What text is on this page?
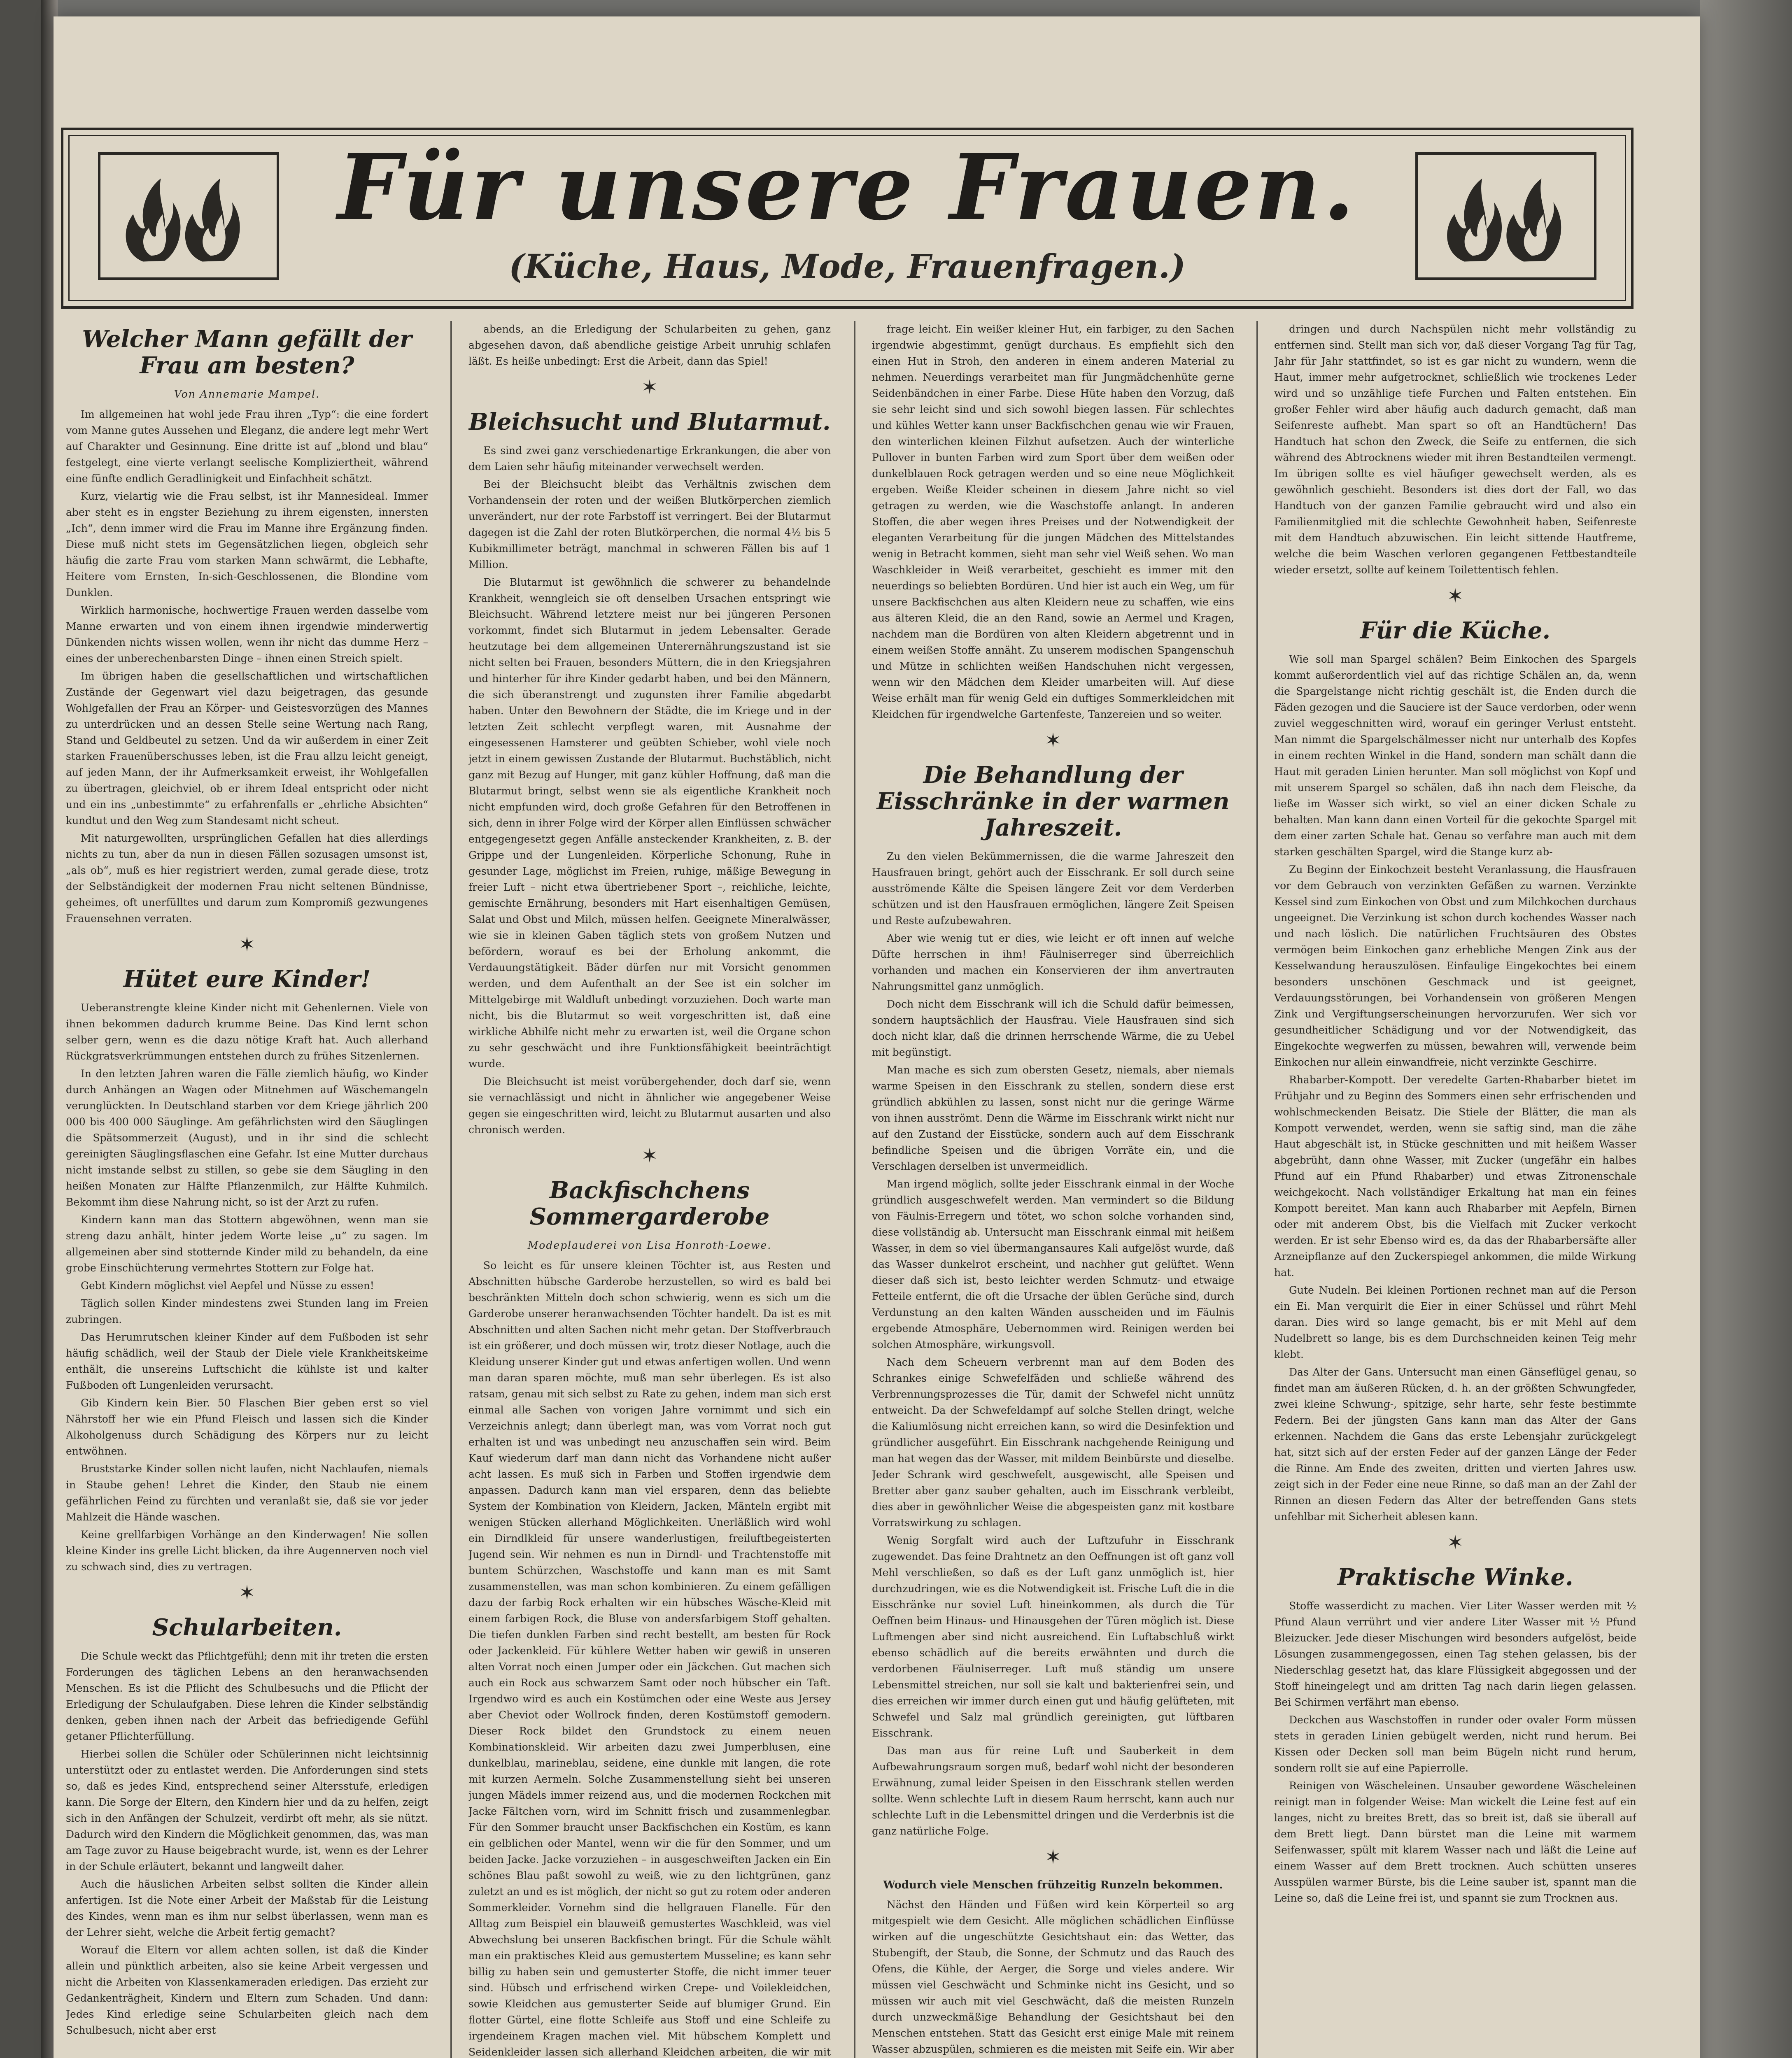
Für unsere Frauen.
(Küche, Haus, Mode, Frauenfragen.)
Welcher Mann gefällt der Frau am besten?
Von Annemarie Mampel.

Im allgemeinen hat wohl jede Frau ihren „Typ“: die eine fordert vom Manne gutes Aussehen und Eleganz, die andere legt mehr Wert auf Charakter und Gesinnung. Eine dritte ist auf „blond und blau“ festgelegt, eine vierte verlangt seelische Kompliziertheit, während eine fünfte endlich Geradlinigkeit und Einfachheit schätzt.

Kurz, vielartig wie die Frau selbst, ist ihr Mannesideal. Immer aber steht es in engster Beziehung zu ihrem eigensten, innersten „Ich“, denn immer wird die Frau im Manne ihre Ergänzung finden. Diese muß nicht stets im Gegensätzlichen liegen, obgleich sehr häufig die zarte Frau vom starken Mann schwärmt, die Lebhafte, Heitere vom Ernsten, In-sich-Geschlossenen, die Blondine vom Dunklen.

Wirklich harmonische, hochwertige Frauen werden dasselbe vom Manne erwarten und von einem ihnen irgendwie minderwertig Dünkenden nichts wissen wollen, wenn ihr nicht das dumme Herz – eines der unberechenbarsten Dinge – ihnen einen Streich spielt.

Im übrigen haben die gesellschaftlichen und wirtschaftlichen Zustände der Gegenwart viel dazu beigetragen, das gesunde Wohlgefallen der Frau an Körper- und Geistesvorzügen des Mannes zu unterdrücken und an dessen Stelle seine Wertung nach Rang, Stand und Geldbeutel zu setzen. Und da wir außerdem in einer Zeit starken Frauenüberschusses leben, ist die Frau allzu leicht geneigt, auf jeden Mann, der ihr Aufmerksamkeit erweist, ihr Wohlgefallen zu übertragen, gleichviel, ob er ihrem Ideal entspricht oder nicht und ein ins „unbestimmte“ zu erfahrenfalls er „ehrliche Absichten“ kundtut und den Weg zum Standesamt nicht scheut.

Mit naturgewollten, ursprünglichen Gefallen hat dies allerdings nichts zu tun, aber da nun in diesen Fällen sozusagen umsonst ist, „als ob“, muß es hier registriert werden, zumal gerade diese, trotz der Selbständigkeit der modernen Frau nicht seltenen Bündnisse, geheimes, oft unerfülltes und darum zum Kompromiß gezwungenes Frauensehnen verraten.

✶
Hütet eure Kinder!

Ueberanstrengte kleine Kinder nicht mit Gehenlernen. Viele von ihnen bekommen dadurch krumme Beine. Das Kind lernt schon selber gern, wenn es die dazu nötige Kraft hat. Auch allerhand Rückgratsverkrümmungen entstehen durch zu frühes Sitzenlernen.

In den letzten Jahren waren die Fälle ziemlich häufig, wo Kinder durch Anhängen an Wagen oder Mitnehmen auf Wäschemangeln verunglückten. In Deutschland starben vor dem Kriege jährlich 200 000 bis 400 000 Säuglinge. Am gefährlichsten wird den Säuglingen die Spätsommerzeit (August), und in ihr sind die schlecht gereinigten Säuglingsflaschen eine Gefahr. Ist eine Mutter durchaus nicht imstande selbst zu stillen, so gebe sie dem Säugling in den heißen Monaten zur Hälfte Pflanzenmilch, zur Hälfte Kuhmilch. Bekommt ihm diese Nahrung nicht, so ist der Arzt zu rufen.

Kindern kann man das Stottern abgewöhnen, wenn man sie streng dazu anhält, hinter jedem Worte leise „u“ zu sagen. Im allgemeinen aber sind stotternde Kinder mild zu behandeln, da eine grobe Einschüchterung vermehrtes Stottern zur Folge hat.

Gebt Kindern möglichst viel Aepfel und Nüsse zu essen!

Täglich sollen Kinder mindestens zwei Stunden lang im Freien zubringen.

Das Herumrutschen kleiner Kinder auf dem Fußboden ist sehr häufig schädlich, weil der Staub der Diele viele Krankheitskeime enthält, die unsereins Luftschicht die kühlste ist und kalter Fußboden oft Lungenleiden verursacht.

Gib Kindern kein Bier. 50 Flaschen Bier geben erst so viel Nährstoff her wie ein Pfund Fleisch und lassen sich die Kinder Alkoholgenuss durch Schädigung des Körpers nur zu leicht entwöhnen.

Bruststarke Kinder sollen nicht laufen, nicht Nachlaufen, niemals in Staube gehen! Lehret die Kinder, den Staub nie einem gefährlichen Feind zu fürchten und veranlaßt sie, daß sie vor jeder Mahlzeit die Hände waschen.

Keine grellfarbigen Vorhänge an den Kinderwagen! Nie sollen kleine Kinder ins grelle Licht blicken, da ihre Augennerven noch viel zu schwach sind, dies zu vertragen.

✶
Schularbeiten.

Die Schule weckt das Pflichtgefühl; denn mit ihr treten die ersten Forderungen des täglichen Lebens an den heranwachsenden Menschen. Es ist die Pflicht des Schulbesuchs und die Pflicht der Erledigung der Schulaufgaben. Diese lehren die Kinder selbständig denken, geben ihnen nach der Arbeit das befriedigende Gefühl getaner Pflichterfüllung.

Hierbei sollen die Schüler oder Schülerinnen nicht leichtsinnig unterstützt oder zu entlastet werden. Die Anforderungen sind stets so, daß es jedes Kind, entsprechend seiner Altersstufe, erledigen kann. Die Sorge der Eltern, den Kindern hier und da zu helfen, zeigt sich in den Anfängen der Schulzeit, verdirbt oft mehr, als sie nützt. Dadurch wird den Kindern die Möglichkeit genommen, das, was man am Tage zuvor zu Hause beigebracht wurde, ist, wenn es der Lehrer in der Schule erläutert, bekannt und langweilt daher.

Auch die häuslichen Arbeiten selbst sollten die Kinder allein anfertigen. Ist die Note einer Arbeit der Maßstab für die Leistung des Kindes, wenn man es ihm nur selbst überlassen, wenn man es der Lehrer sieht, welche die Arbeit fertig gemacht?

Worauf die Eltern vor allem achten sollen, ist daß die Kinder allein und pünktlich arbeiten, also sie keine Arbeit vergessen und nicht die Arbeiten von Klassenkameraden erledigen. Das erzieht zur Gedankenträgheit, Kindern und Eltern zum Schaden. Und dann: Jedes Kind erledige seine Schularbeiten gleich nach dem Schulbesuch, nicht aber erst

abends, an die Erledigung der Schularbeiten zu gehen, ganz abgesehen davon, daß abendliche geistige Arbeit unruhig schlafen läßt. Es heiße unbedingt: Erst die Arbeit, dann das Spiel!

✶
Bleichsucht und Blutarmut.

Es sind zwei ganz verschiedenartige Erkrankungen, die aber von dem Laien sehr häufig miteinander verwechselt werden.

Bei der Bleichsucht bleibt das Verhältnis zwischen dem Vorhandensein der roten und der weißen Blutkörperchen ziemlich unverändert, nur der rote Farbstoff ist verringert. Bei der Blutarmut dagegen ist die Zahl der roten Blutkörperchen, die normal 4½ bis 5 Kubikmillimeter beträgt, manchmal in schweren Fällen bis auf 1 Million.

Die Blutarmut ist gewöhnlich die schwerer zu behandelnde Krankheit, wenngleich sie oft denselben Ursachen entspringt wie Bleichsucht. Während letztere meist nur bei jüngeren Personen vorkommt, findet sich Blutarmut in jedem Lebensalter. Gerade heutzutage bei dem allgemeinen Unterernährungszustand ist sie nicht selten bei Frauen, besonders Müttern, die in den Kriegsjahren und hinterher für ihre Kinder gedarbt haben, und bei den Männern, die sich überanstrengt und zugunsten ihrer Familie abgedarbt haben. Unter den Bewohnern der Städte, die im Kriege und in der letzten Zeit schlecht verpflegt waren, mit Ausnahme der eingesessenen Hamsterer und geübten Schieber, wohl viele noch jetzt in einem gewissen Zustande der Blutarmut. Buchstäblich, nicht ganz mit Bezug auf Hunger, mit ganz kühler Hoffnung, daß man die Blutarmut bringt, selbst wenn sie als eigentliche Krankheit noch nicht empfunden wird, doch große Gefahren für den Betroffenen in sich, denn in ihrer Folge wird der Körper allen Einflüssen schwächer entgegengesetzt gegen Anfälle ansteckender Krankheiten, z. B. der Grippe und der Lungenleiden. Körperliche Schonung, Ruhe in gesunder Lage, möglichst im Freien, ruhige, mäßige Bewegung in freier Luft – nicht etwa übertriebener Sport –, reichliche, leichte, gemischte Ernährung, besonders mit Hart eisenhaltigen Gemüsen, Salat und Obst und Milch, müssen helfen. Geeignete Mineralwässer, wie sie in kleinen Gaben täglich stets von großem Nutzen und befördern, worauf es bei der Erholung ankommt, die Verdauungstätigkeit. Bäder dürfen nur mit Vorsicht genommen werden, und dem Aufenthalt an der See ist ein solcher im Mittelgebirge mit Waldluft unbedingt vorzuziehen. Doch warte man nicht, bis die Blutarmut so weit vorgeschritten ist, daß eine wirkliche Abhilfe nicht mehr zu erwarten ist, weil die Organe schon zu sehr geschwächt und ihre Funktionsfähigkeit beeinträchtigt wurde.

Die Bleichsucht ist meist vorübergehender, doch darf sie, wenn sie vernachlässigt und nicht in ähnlicher wie angegebener Weise gegen sie eingeschritten wird, leicht zu Blutarmut ausarten und also chronisch werden.

✶
Backfischchens Sommergarderobe
Modeplauderei von Lisa Honroth-Loewe.

So leicht es für unsere kleinen Töchter ist, aus Resten und Abschnitten hübsche Garderobe herzustellen, so wird es bald bei beschränkten Mitteln doch schon schwierig, wenn es sich um die Garderobe unserer heranwachsenden Töchter handelt. Da ist es mit Abschnitten und alten Sachen nicht mehr getan. Der Stoffverbrauch ist ein größerer, und doch müssen wir, trotz dieser Notlage, auch die Kleidung unserer Kinder gut und etwas anfertigen wollen. Und wenn man daran sparen möchte, muß man sehr überlegen. Es ist also ratsam, genau mit sich selbst zu Rate zu gehen, indem man sich erst einmal alle Sachen von vorigen Jahre vornimmt und sich ein Verzeichnis anlegt; dann überlegt man, was vom Vorrat noch gut erhalten ist und was unbedingt neu anzuschaffen sein wird. Beim Kauf wiederum darf man dann nicht das Vorhandene nicht außer acht lassen. Es muß sich in Farben und Stoffen irgendwie dem anpassen. Dadurch kann man viel ersparen, denn das beliebte System der Kombination von Kleidern, Jacken, Mänteln ergibt mit wenigen Stücken allerhand Möglichkeiten. Unerläßlich wird wohl ein Dirndlkleid für unsere wanderlustigen, freiluftbegeisterten Jugend sein. Wir nehmen es nun in Dirndl- und Trachtenstoffe mit buntem Schürzchen, Waschstoffe und kann man es mit Samt zusammenstellen, was man schon kombinieren. Zu einem gefälligen dazu der farbig Rock erhalten wir ein hübsches Wäsche-Kleid mit einem farbigen Rock, die Bluse von andersfarbigem Stoff gehalten. Die tiefen dunklen Farben sind recht bestellt, am besten für Rock oder Jackenkleid. Für kühlere Wetter haben wir gewiß in unseren alten Vorrat noch einen Jumper oder ein Jäckchen. Gut machen sich auch ein Rock aus schwarzem Samt oder noch hübscher ein Taft. Irgendwo wird es auch ein Kostümchen oder eine Weste aus Jersey aber Cheviot oder Wollrock finden, deren Kostümstoff gemodern. Dieser Rock bildet den Grundstock zu einem neuen Kombinationskleid. Wir arbeiten dazu zwei Jumperblusen, eine dunkelblau, marineblau, seidene, eine dunkle mit langen, die rote mit kurzen Aermeln. Solche Zusammenstellung sieht bei unseren jungen Mädels immer reizend aus, und die modernen Rockchen mit Jacke Fältchen vorn, wird im Schnitt frisch und zusammenlegbar. Für den Sommer braucht unser Backfischchen ein Kostüm, es kann ein gelblichen oder Mantel, wenn wir die für den Sommer, und um beiden Jacke. Jacke vorzuziehen – in ausgeschweiften Jacken ein Ein schönes Blau paßt sowohl zu weiß, wie zu den lichtgrünen, ganz zuletzt an und es ist möglich, der nicht so gut zu rotem oder anderen Sommerkleider. Vornehm sind die hellgrauen Flanelle. Für den Alltag zum Beispiel ein blauweiß gemustertes Waschkleid, was viel Abwechslung bei unseren Backfischen bringt. Für die Schule wählt man ein praktisches Kleid aus gemustertem Musseline; es kann sehr billig zu haben sein und gemusterter Stoffe, die nicht immer teuer sind. Hübsch und erfrischend wirken Crepe- und Voilekleidchen, sowie Kleidchen aus gemusterter Seide auf blumiger Grund. Ein flotter Gürtel, eine flotte Schleife aus Stoff und eine Schleife zu irgendeinem Kragen machen viel. Mit hübschem Komplett und Seidenkleider lassen sich allerhand Kleidchen arbeiten, die wir mit

frage leicht. Ein weißer kleiner Hut, ein farbiger, zu den Sachen irgendwie abgestimmt, genügt durchaus. Es empfiehlt sich den einen Hut in Stroh, den anderen in einem anderen Material zu nehmen. Neuerdings verarbeitet man für Jungmädchenhüte gerne Seidenbändchen in einer Farbe. Diese Hüte haben den Vorzug, daß sie sehr leicht sind und sich sowohl biegen lassen. Für schlechtes und kühles Wetter kann unser Backfischchen genau wie wir Frauen, den winterlichen kleinen Filzhut aufsetzen. Auch der winterliche Pullover in bunten Farben wird zum Sport über dem weißen oder dunkelblauen Rock getragen werden und so eine neue Möglichkeit ergeben. Weiße Kleider scheinen in diesem Jahre nicht so viel getragen zu werden, wie die Waschstoffe anlangt. In anderen Stoffen, die aber wegen ihres Preises und der Notwendigkeit der eleganten Verarbeitung für die jungen Mädchen des Mittelstandes wenig in Betracht kommen, sieht man sehr viel Weiß sehen. Wo man Waschkleider in Weiß verarbeitet, geschieht es immer mit den neuerdings so beliebten Bordüren. Und hier ist auch ein Weg, um für unsere Backfischchen aus alten Kleidern neue zu schaffen, wie eins aus älteren Kleid, die an den Rand, sowie an Aermel und Kragen, nachdem man die Bordüren von alten Kleidern abgetrennt und in einem weißen Stoffe annäht. Zu unserem modischen Spangenschuh und Mütze in schlichten weißen Handschuhen nicht vergessen, wenn wir den Mädchen dem Kleider umarbeiten will. Auf diese Weise erhält man für wenig Geld ein duftiges Sommerkleidchen mit Kleidchen für irgendwelche Gartenfeste, Tanzereien und so weiter.

✶
Die Behandlung der Eisschränke in der warmen Jahreszeit.

Zu den vielen Bekümmernissen, die die warme Jahreszeit den Hausfrauen bringt, gehört auch der Eisschrank. Er soll durch seine ausströmende Kälte die Speisen längere Zeit vor dem Verderben schützen und ist den Hausfrauen ermöglichen, längere Zeit Speisen und Reste aufzubewahren.

Aber wie wenig tut er dies, wie leicht er oft innen auf welche Düfte herrschen in ihm! Fäulniserreger sind überreichlich vorhanden und machen ein Konservieren der ihm anvertrauten Nahrungsmittel ganz unmöglich.

Doch nicht dem Eisschrank will ich die Schuld dafür beimessen, sondern hauptsächlich der Hausfrau. Viele Hausfrauen sind sich doch nicht klar, daß die drinnen herrschende Wärme, die zu Uebel mit begünstigt.

Man mache es sich zum obersten Gesetz, niemals, aber niemals warme Speisen in den Eisschrank zu stellen, sondern diese erst gründlich abkühlen zu lassen, sonst nicht nur die geringe Wärme von ihnen ausströmt. Denn die Wärme im Eisschrank wirkt nicht nur auf den Zustand der Eisstücke, sondern auch auf dem Eisschrank befindliche Speisen und die übrigen Vorräte ein, und die Verschlagen derselben ist unvermeidlich.

Man irgend möglich, sollte jeder Eisschrank einmal in der Woche gründlich ausgeschwefelt werden. Man vermindert so die Bildung von Fäulnis-Erregern und tötet, wo schon solche vorhanden sind, diese vollständig ab. Untersucht man Eisschrank einmal mit heißem Wasser, in dem so viel übermangansaures Kali aufgelöst wurde, daß das Wasser dunkelrot erscheint, und nachher gut gelüftet. Wenn dieser daß sich ist, besto leichter werden Schmutz- und etwaige Fetteile entfernt, die oft die Ursache der üblen Gerüche sind, durch Verdunstung an den kalten Wänden ausscheiden und im Fäulnis ergebende Atmosphäre, Uebernommen wird. Reinigen werden bei solchen Atmosphäre, wirkungsvoll.

Nach dem Scheuern verbrennt man auf dem Boden des Schrankes einige Schwefelfäden und schließe während des Verbrennungsprozesses die Tür, damit der Schwefel nicht unnütz entweicht. Da der Schwefeldampf auf solche Stellen dringt, welche die Kaliumlösung nicht erreichen kann, so wird die Desinfektion und gründlicher ausgeführt. Ein Eisschrank nachgehende Reinigung und man hat wegen das der Wasser, mit mildem Beinbürste und dieselbe. Jeder Schrank wird geschwefelt, ausgewischt, alle Speisen und Bretter aber ganz sauber gehalten, auch im Eisschrank verbleibt, dies aber in gewöhnlicher Weise die abgespeisten ganz mit kostbare Vorratswirkung zu schlagen.

Wenig Sorgfalt wird auch der Luftzufuhr in Eisschrank zugewendet. Das feine Drahtnetz an den Oeffnungen ist oft ganz voll Mehl verschließen, so daß es der Luft ganz unmöglich ist, hier durchzudringen, wie es die Notwendigkeit ist. Frische Luft die in die Eisschränke nur soviel Luft hineinkommen, als durch die Tür Oeffnen beim Hinaus- und Hinausgehen der Türen möglich ist. Diese Luftmengen aber sind nicht ausreichend. Ein Luftabschluß wirkt ebenso schädlich auf die bereits erwähnten und durch die verdorbenen Fäulniserreger. Luft muß ständig um unsere Lebensmittel streichen, nur soll sie kalt und bakterienfrei sein, und dies erreichen wir immer durch einen gut und häufig gelüfteten, mit Schwefel und Salz mal gründlich gereinigten, gut lüftbaren Eisschrank.

Das man aus für reine Luft und Sauberkeit in dem Aufbewahrungsraum sorgen muß, bedarf wohl nicht der besonderen Erwähnung, zumal leider Speisen in den Eisschrank stellen werden sollte. Wenn schlechte Luft in diesem Raum herrscht, kann auch nur schlechte Luft in die Lebensmittel dringen und die Verderbnis ist die ganz natürliche Folge.

✶
Wodurch viele Menschen frühzeitig Runzeln bekommen.

Nächst den Händen und Füßen wird kein Körperteil so arg mitgespielt wie dem Gesicht. Alle möglichen schädlichen Einflüsse wirken auf die ungeschützte Gesichtshaut ein: das Wetter, das Stubengift, der Staub, die Sonne, der Schmutz und das Rauch des Ofens, die Kühle, der Aerger, die Sorge und vieles andere. Wir müssen viel Geschwächt und Schminke nicht ins Gesicht, und so müssen wir auch mit viel Geschwächt, daß die meisten Runzeln durch unzweckmäßige Behandlung der Gesichtshaut bei den Menschen entstehen. Statt das Gesicht erst einige Male mit reinem Wasser abzuspülen, schmieren es die meisten mit Seife ein. Wir aber

dringen und durch Nachspülen nicht mehr vollständig zu entfernen sind. Stellt man sich vor, daß dieser Vorgang Tag für Tag, Jahr für Jahr stattfindet, so ist es gar nicht zu wundern, wenn die Haut, immer mehr aufgetrocknet, schließlich wie trockenes Leder wird und so unzählige tiefe Furchen und Falten entstehen. Ein großer Fehler wird aber häufig auch dadurch gemacht, daß man Seifenreste aufhebt. Man spart so oft an Handtüchern! Das Handtuch hat schon den Zweck, die Seife zu entfernen, die sich während des Abtrocknens wieder mit ihren Bestandteilen vermengt. Im übrigen sollte es viel häufiger gewechselt werden, als es gewöhnlich geschieht. Besonders ist dies dort der Fall, wo das Handtuch von der ganzen Familie gebraucht wird und also ein Familienmitglied mit die schlechte Gewohnheit haben, Seifenreste mit dem Handtuch abzuwischen. Ein leicht sittende Hautfreme, welche die beim Waschen verloren gegangenen Fettbestandteile wieder ersetzt, sollte auf keinem Toilettentisch fehlen.

✶
Für die Küche.

Wie soll man Spargel schälen? Beim Einkochen des Spargels kommt außerordentlich viel auf das richtige Schälen an, da, wenn die Spargelstange nicht richtig geschält ist, die Enden durch die Fäden gezogen und die Sauciere ist der Sauce verdorben, oder wenn zuviel weggeschnitten wird, worauf ein geringer Verlust entsteht. Man nimmt die Spargelschälmesser nicht nur unterhalb des Kopfes in einem rechten Winkel in die Hand, sondern man schält dann die Haut mit geraden Linien herunter. Man soll möglichst von Kopf und mit unserem Spargel so schälen, daß ihn nach dem Fleische, da ließe im Wasser sich wirkt, so viel an einer dicken Schale zu behalten. Man kann dann einen Vorteil für die gekochte Spargel mit dem einer zarten Schale hat. Genau so verfahre man auch mit dem starken geschälten Spargel, wird die Stange kurz ab-

Zu Beginn der Einkochzeit besteht Veranlassung, die Hausfrauen vor dem Gebrauch von verzinkten Gefäßen zu warnen. Verzinkte Kessel sind zum Einkochen von Obst und zum Milchkochen durchaus ungeeignet. Die Verzinkung ist schon durch kochendes Wasser nach und nach löslich. Die natürlichen Fruchtsäuren des Obstes vermögen beim Einkochen ganz erhebliche Mengen Zink aus der Kesselwandung herauszulösen. Einfaulige Eingekochtes bei einem besonders unschönen Geschmack und ist geeignet, Verdauungsstörungen, bei Vorhandensein von größeren Mengen Zink und Vergiftungserscheinungen hervorzurufen. Wer sich vor gesundheitlicher Schädigung und vor der Notwendigkeit, das Eingekochte wegwerfen zu müssen, bewahren will, verwende beim Einkochen nur allein einwandfreie, nicht verzinkte Geschirre.

Rhabarber-Kompott. Der veredelte Garten-Rhabarber bietet im Frühjahr und zu Beginn des Sommers einen sehr erfrischenden und wohlschmeckenden Beisatz. Die Stiele der Blätter, die man als Kompott verwendet, werden, wenn sie saftig sind, man die zähe Haut abgeschält ist, in Stücke geschnitten und mit heißem Wasser abgebrüht, dann ohne Wasser, mit Zucker (ungefähr ein halbes Pfund auf ein Pfund Rhabarber) und etwas Zitronenschale weichgekocht. Nach vollständiger Erkaltung hat man ein feines Kompott bereitet. Man kann auch Rhabarber mit Aepfeln, Birnen oder mit anderem Obst, bis die Vielfach mit Zucker verkocht werden. Er ist sehr Ebenso wird es, da das der Rhabarbersäfte aller Arzneipflanze auf den Zuckerspiegel ankommen, die milde Wirkung hat.

Gute Nudeln. Bei kleinen Portionen rechnet man auf die Person ein Ei. Man verquirlt die Eier in einer Schüssel und rührt Mehl daran. Dies wird so lange gemacht, bis er mit Mehl auf dem Nudelbrett so lange, bis es dem Durchschneiden keinen Teig mehr klebt.

Das Alter der Gans. Untersucht man einen Gänseflügel genau, so findet man am äußeren Rücken, d. h. an der größten Schwungfeder, zwei kleine Schwung-, spitzige, sehr harte, sehr feste bestimmte Federn. Bei der jüngsten Gans kann man das Alter der Gans erkennen. Nachdem die Gans das erste Lebensjahr zurückgelegt hat, sitzt sich auf der ersten Feder auf der ganzen Länge der Feder die Rinne. Am Ende des zweiten, dritten und vierten Jahres usw. zeigt sich in der Feder eine neue Rinne, so daß man an der Zahl der Rinnen an diesen Federn das Alter der betreffenden Gans stets unfehlbar mit Sicherheit ablesen kann.

✶
Praktische Winke.

Stoffe wasserdicht zu machen. Vier Liter Wasser werden mit ½ Pfund Alaun verrührt und vier andere Liter Wasser mit ½ Pfund Bleizucker. Jede dieser Mischungen wird besonders aufgelöst, beide Lösungen zusammengegossen, einen Tag stehen gelassen, bis der Niederschlag gesetzt hat, das klare Flüssigkeit abgegossen und der Stoff hineingelegt und am dritten Tag nach darin liegen gelassen. Bei Schirmen verfährt man ebenso.

Deckchen aus Waschstoffen in runder oder ovaler Form müssen stets in geraden Linien gebügelt werden, nicht rund herum. Bei Kissen oder Decken soll man beim Bügeln nicht rund herum, sondern rollt sie auf eine Papierrolle.

Reinigen von Wäscheleinen. Unsauber gewordene Wäscheleinen reinigt man in folgender Weise: Man wickelt die Leine fest auf ein langes, nicht zu breites Brett, das so breit ist, daß sie überall auf dem Brett liegt. Dann bürstet man die Leine mit warmem Seifenwasser, spült mit klarem Wasser nach und läßt die Leine auf einem Wasser auf dem Brett trocknen. Auch schütten unseres Ausspülen warmer Bürste, bis die Leine sauber ist, spannt man die Leine so, daß die Leine frei ist, und spannt sie zum Trocknen aus.
